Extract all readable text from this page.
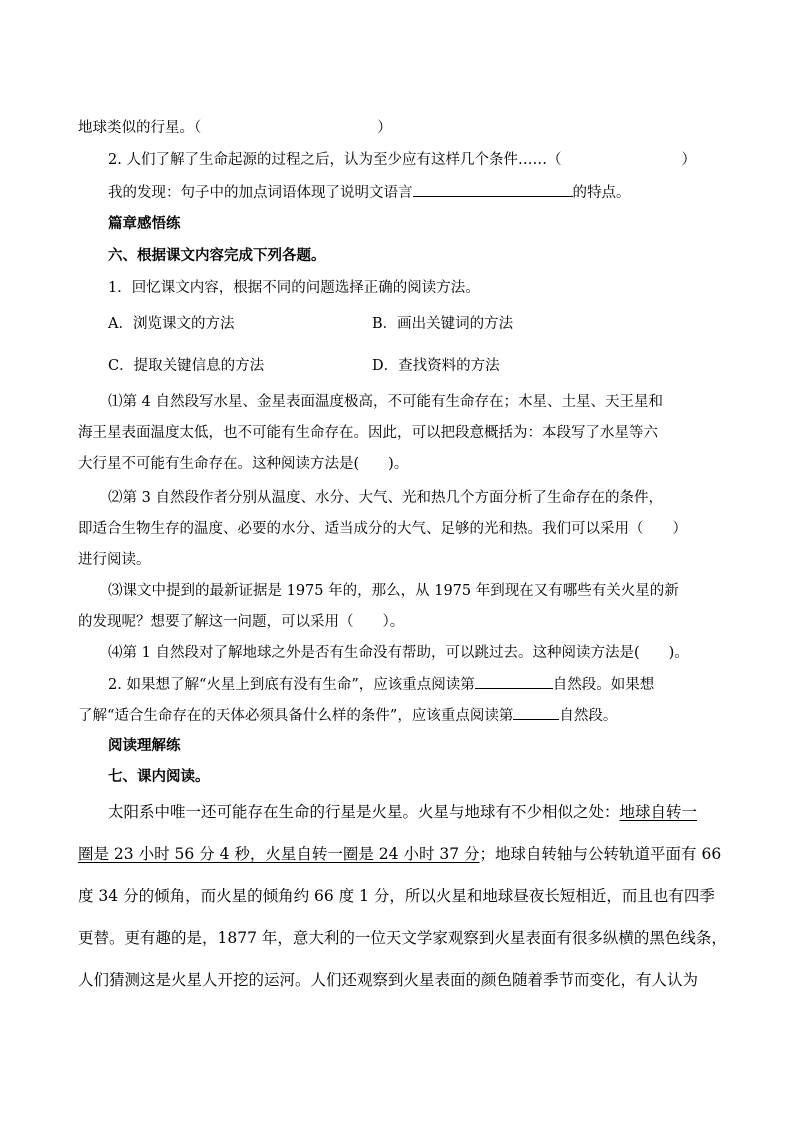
地球类似的行星。（	）
2. 人们了解了生命起源的过程之后，认为至少应有这样几个条件……（	）
我的发现：句子中的加点词语体现了说明文语言	的特点。
篇章感悟练
六、根据课文内容完成下列各题。
1．回忆课文内容，根据不同的问题选择正确的阅读方法。
A．浏览课文的方法	B．画出关键词的方法
C．提取关键信息的方法	D．查找资料的方法
⑴第 4 自然段写水星、金星表面温度极高，不可能有生命存在；木星、土星、天王星和
海王星表面温度太低，也不可能有生命存在。因此，可以把段意概括为：本段写了水星等六
大行星不可能有生命存在。这种阅读方法是(　　)。
⑵第 3 自然段作者分别从温度、水分、大气、光和热几个方面分析了生命存在的条件，
即适合生物生存的温度、必要的水分、适当成分的大气、足够的光和热。我们可以采用（　　）
进行阅读。
⑶课文中提到的最新证据是 1975 年的，那么，从 1975 年到现在又有哪些有关火星的新
的发现呢？想要了解这一问题，可以采用（　　）。
⑷第 1 自然段对了解地球之外是否有生命没有帮助，可以跳过去。这种阅读方法是(　　)。
2. 如果想了解“火星上到底有没有生命”，应该重点阅读第	自然段。如果想
了解“适合生命存在的天体必须具备什么样的条件”，应该重点阅读第	自然段。
阅读理解练
七、课内阅读。
太阳系中唯一还可能存在生命的行星是火星。火星与地球有不少相似之处：地球自转一
圈是 23 小时 56 分 4 秒，火星自转一圈是 24 小时 37 分；地球自转轴与公转轨道平面有 66
度 34 分的倾角，而火星的倾角约 66 度 1 分，所以火星和地球昼夜长短相近，而且也有四季
更替。更有趣的是，1877 年，意大利的一位天文学家观察到火星表面有很多纵横的黑色线条，
人们猜测这是火星人开挖的运河。人们还观察到火星表面的颜色随着季节而变化，有人认为
